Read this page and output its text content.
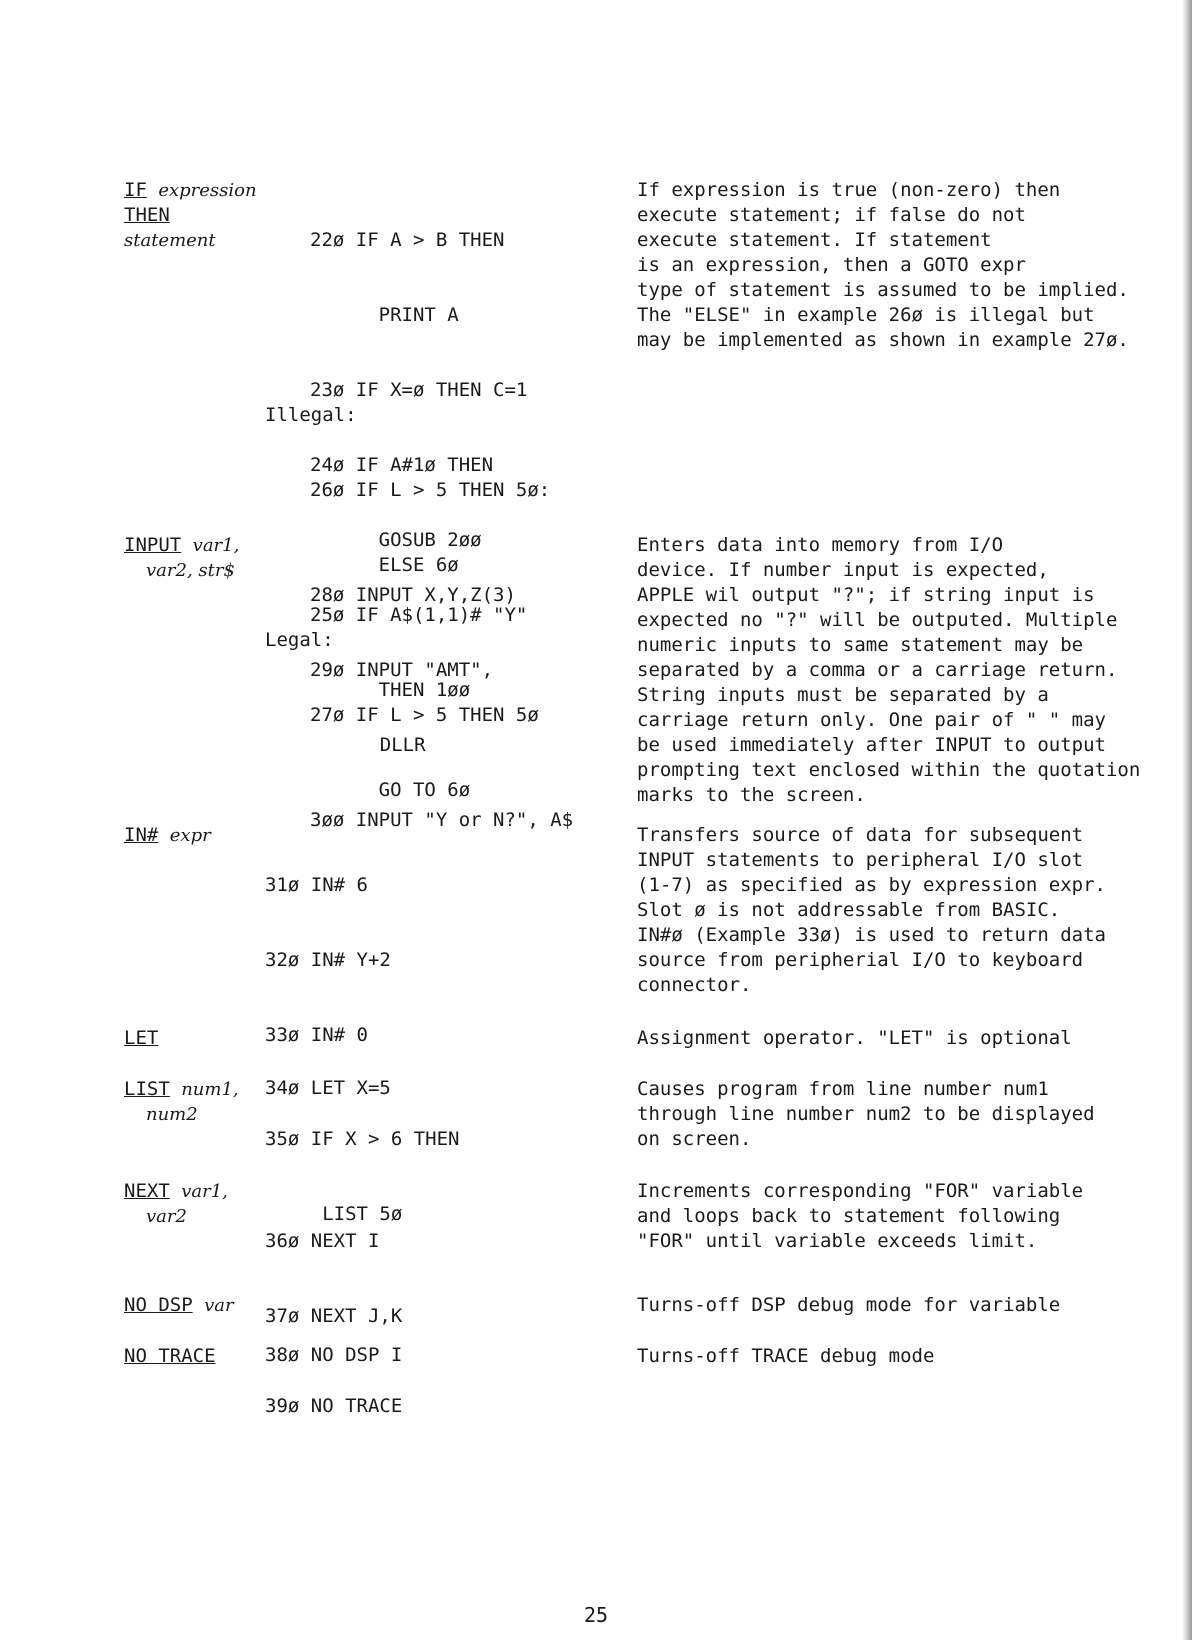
IF expression
THEN statement

	22ø IF A > B THEN

PRINT A

23ø IF X=ø THEN C=1

24ø IF A#1ø THEN

GOSUB 2øø

25ø IF A$(1,1)# "Y"

THEN 1øø

Illegal:

26ø IF L > 5 THEN 5ø:

ELSE 6ø

Legal:

27ø IF L > 5 THEN 5ø

GO TO 6ø

If expression is true (non-zero) then
execute statement; if false do not
execute statement. If statement
is an expression, then a GOTO expr
type of statement is assumed to be implied.
The "ELSE" in example 26ø is illegal but
may be implemented as shown in example 27ø.
INPUT var1,
var2, str$

28ø INPUT X,Y,Z(3)

29ø INPUT "AMT",

DLLR

3øø INPUT "Y or N?", A$

Enters data into memory from I/O
device. If number input is expected,
APPLE wil output "?"; if string input is
expected no "?" will be outputed. Multiple
numeric inputs to same statement may be
separated by a comma or a carriage return.
String inputs must be separated by a
carriage return only. One pair of " " may
be used immediately after INPUT to output
prompting text enclosed within the quotation
marks to the screen.
IN# expr

31ø IN# 6

32ø IN# Y+2

33ø IN# 0

Transfers source of data for subsequent
INPUT statements to peripheral I/O slot
(1-7) as specified as by expression expr.
Slot ø is not addressable from BASIC.
IN#ø (Example 33ø) is used to return data
source from peripherial I/O to keyboard
connector.
LET

34ø LET X=5

Assignment operator. "LET" is optional
LIST num1,
num2

35ø IF X > 6 THEN

LIST 5ø

Causes program from line number num1
through line number num2 to be displayed
on screen.
NEXT var1,
var2

36ø NEXT I

37ø NEXT J,K

Increments corresponding "FOR" variable
and loops back to statement following
"FOR" until variable exceeds limit.
NO DSP var

38ø NO DSP I

Turns-off DSP debug mode for variable
NO TRACE

39ø NO TRACE

Turns-off TRACE debug mode
25
